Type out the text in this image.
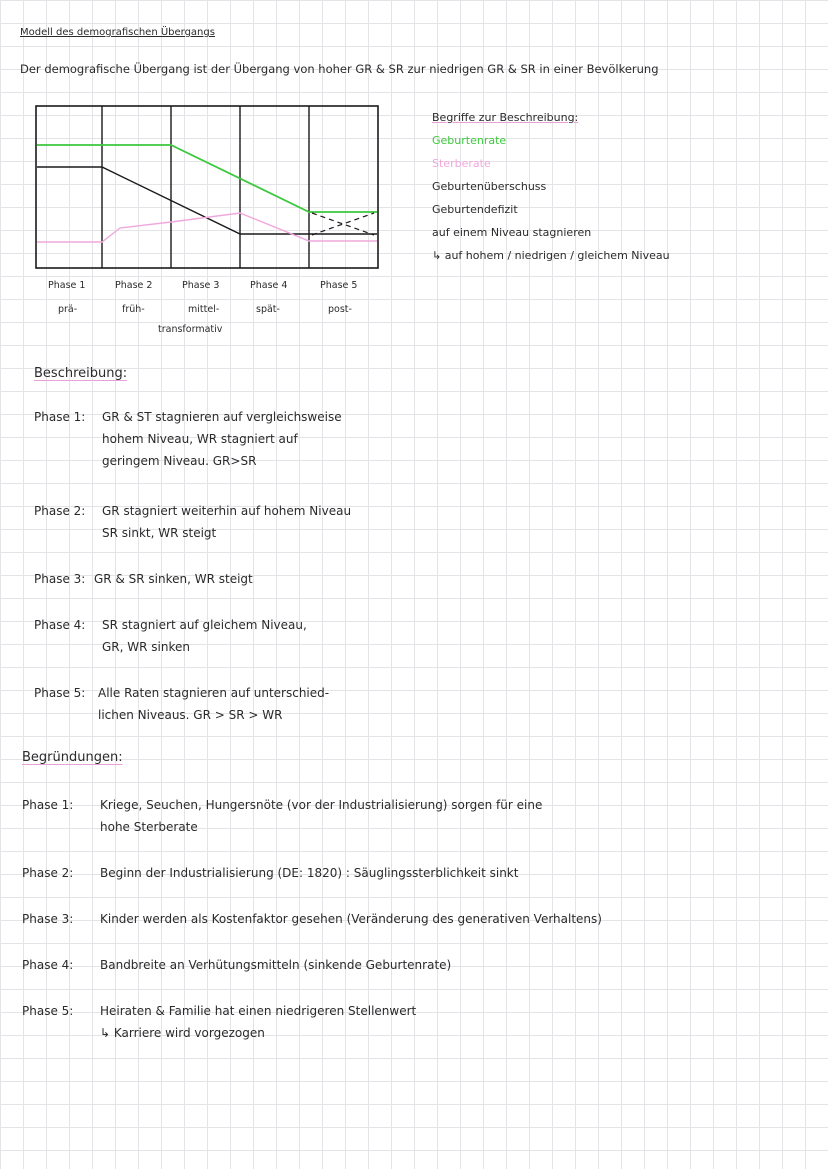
Modell des demografischen Übergangs
Der demografische Übergang ist der Übergang von hoher GR & SR zur niedrigen GR & SR in einer Bevölkerung
Phase 1	Phase 2	Phase 3	Phase 4	Phase 5
prä-	früh-	mittel-	spät-	post-
transformativ
Begriffe zur Beschreibung:
Geburtenrate
Sterberate
Geburtenüberschuss
Geburtendefizit
auf einem Niveau stagnieren
↳ auf hohem / niedrigen / gleichem Niveau
Beschreibung:
Phase 1: GR & ST stagnieren auf vergleichsweise
hohem Niveau, WR stagniert auf
geringem Niveau. GR>SR
Phase 2: GR stagniert weiterhin auf hohem Niveau
SR sinkt, WR steigt
Phase 3: GR & SR sinken, WR steigt
Phase 4: SR stagniert auf gleichem Niveau,
GR, WR sinken
Phase 5: Alle Raten stagnieren auf unterschied-
lichen Niveaus. GR > SR > WR
Begründungen:
Phase 1: Kriege, Seuchen, Hungersnöte (vor der Industrialisierung) sorgen für eine
hohe Sterberate
Phase 2: Beginn der Industrialisierung (DE: 1820) : Säuglingssterblichkeit sinkt
Phase 3: Kinder werden als Kostenfaktor gesehen (Veränderung des generativen Verhaltens)
Phase 4: Bandbreite an Verhütungsmitteln (sinkende Geburtenrate)
Phase 5: Heiraten & Familie hat einen niedrigeren Stellenwert
↳ Karriere wird vorgezogen
